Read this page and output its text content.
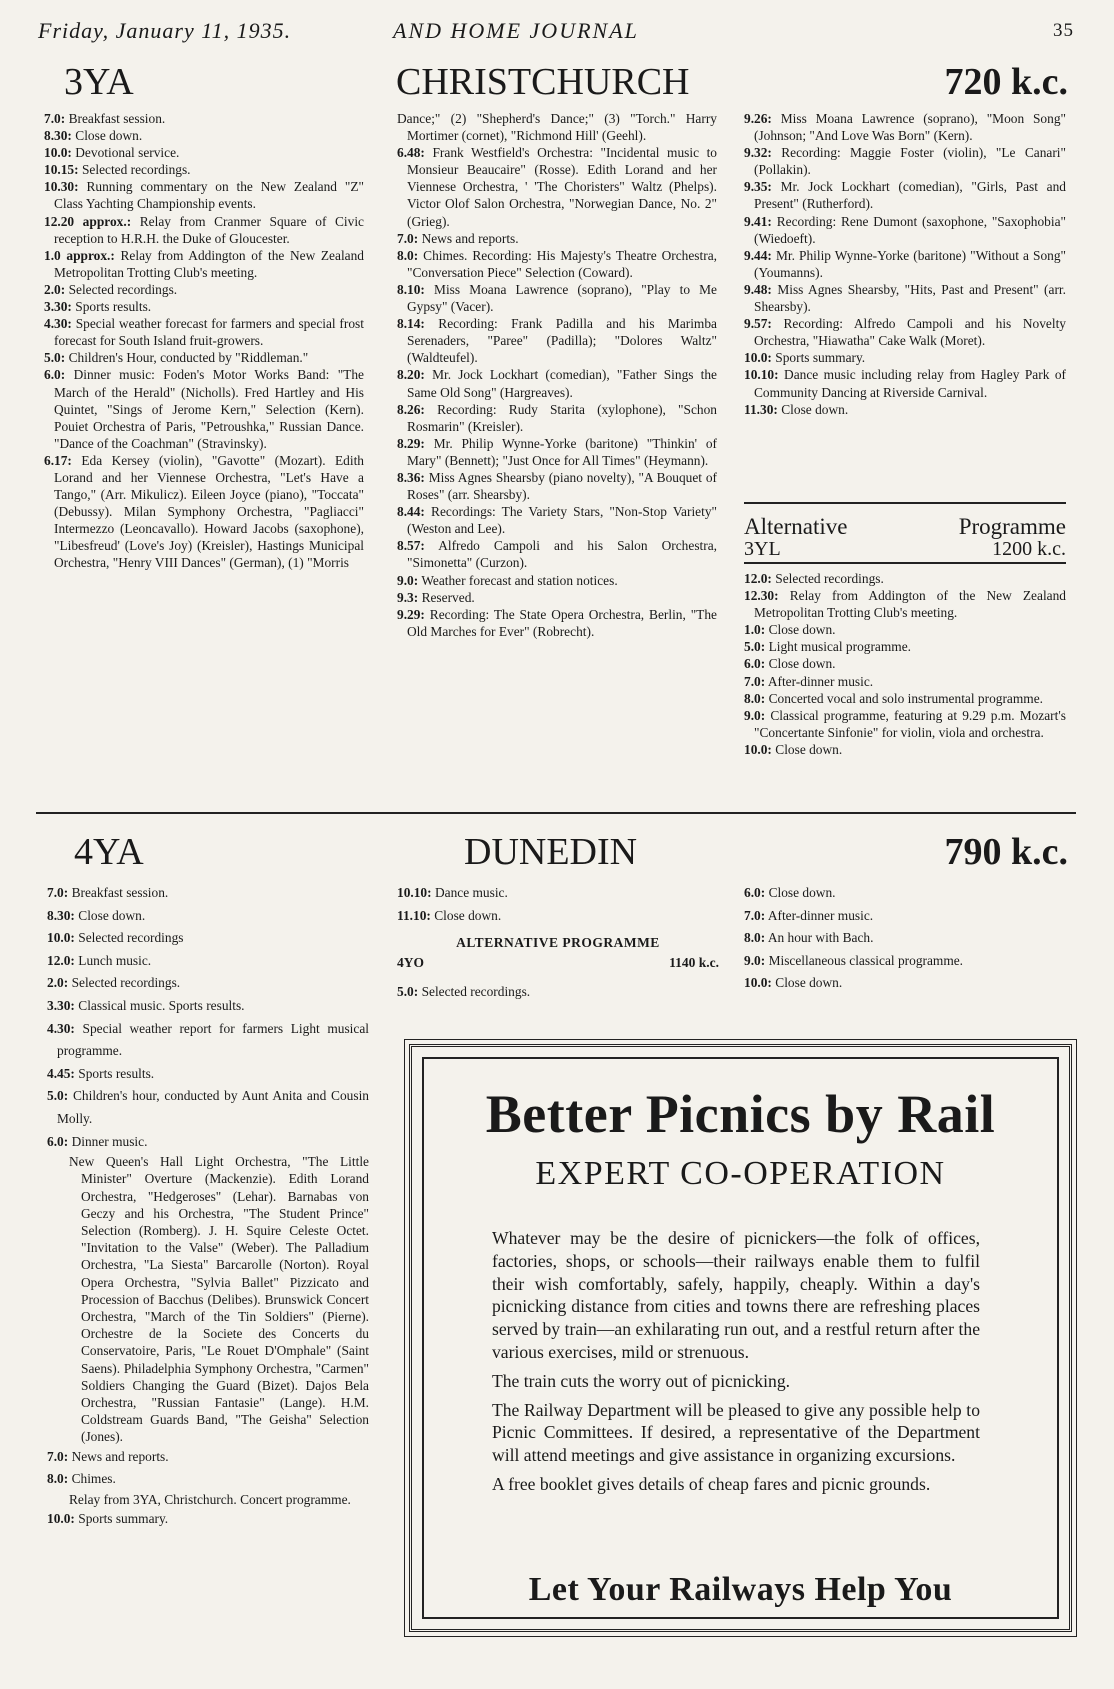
Friday, January 11, 1935.	AND HOME JOURNAL	35
3YA	CHRISTCHURCH	720 k.c.

7.0: Breakfast session.

8.30: Close down.

10.0: Devotional service.

10.15: Selected recordings.

10.30: Running commentary on the New Zealand "Z" Class Yachting Championship events.

12.20 approx.: Relay from Cranmer Square of Civic reception to H.R.H. the Duke of Gloucester.

1.0 approx.: Relay from Addington of the New Zealand Metropolitan Trotting Club's meeting.

2.0: Selected recordings.

3.30: Sports results.

4.30: Special weather forecast for farmers and special frost forecast for South Island fruit-growers.

5.0: Children's Hour, conducted by "Riddleman."

6.0: Dinner music: Foden's Motor Works Band: "The March of the Herald" (Nicholls). Fred Hartley and His Quintet, "Sings of Jerome Kern," Selection (Kern). Pouiet Orchestra of Paris, "Petroushka," Russian Dance. "Dance of the Coachman" (Stravinsky).

6.17: Eda Kersey (violin), "Gavotte" (Mozart). Edith Lorand and her Viennese Orchestra, "Let's Have a Tango," (Arr. Mikulicz). Eileen Joyce (piano), "Toccata" (Debussy). Milan Symphony Orchestra, "Pagliacci" Intermezzo (Leoncavallo). Howard Jacobs (saxophone), "Libesfreud' (Love's Joy) (Kreisler), Hastings Municipal Orchestra, "Henry VIII Dances" (German), (1) "Morris

Dance;" (2) "Shepherd's Dance;" (3) "Torch." Harry Mortimer (cornet), "Richmond Hill' (Geehl).

6.48: Frank Westfield's Orchestra: "Incidental music to Monsieur Beaucaire" (Rosse). Edith Lorand and her Viennese Orchestra, ' 'The Choristers" Waltz (Phelps). Victor Olof Salon Orchestra, "Norwegian Dance, No. 2" (Grieg).

7.0: News and reports.

8.0: Chimes. Recording: His Majesty's Theatre Orchestra, "Conversation Piece" Selection (Coward).

8.10: Miss Moana Lawrence (soprano), "Play to Me Gypsy" (Vacer).

8.14: Recording: Frank Padilla and his Marimba Serenaders, "Paree" (Padilla); "Dolores Waltz" (Waldteufel).

8.20: Mr. Jock Lockhart (comedian), "Father Sings the Same Old Song" (Hargreaves).

8.26: Recording: Rudy Starita (xylophone), "Schon Rosmarin" (Kreisler).

8.29: Mr. Philip Wynne-Yorke (baritone) "Thinkin' of Mary" (Bennett); "Just Once for All Times" (Heymann).

8.36: Miss Agnes Shearsby (piano novelty), "A Bouquet of Roses" (arr. Shearsby).

8.44: Recordings: The Variety Stars, "Non-Stop Variety" (Weston and Lee).

8.57: Alfredo Campoli and his Salon Orchestra, "Simonetta" (Curzon).

9.0: Weather forecast and station notices.

9.3: Reserved.

9.29: Recording: The State Opera Orchestra, Berlin, "The Old Marches for Ever" (Robrecht).

9.26: Miss Moana Lawrence (soprano), "Moon Song" (Johnson; "And Love Was Born" (Kern).

9.32: Recording: Maggie Foster (violin), "Le Canari" (Pollakin).

9.35: Mr. Jock Lockhart (comedian), "Girls, Past and Present" (Rutherford).

9.41: Recording: Rene Dumont (saxophone, "Saxophobia" (Wiedoeft).

9.44: Mr. Philip Wynne-Yorke (baritone) "Without a Song" (Youmanns).

9.48: Miss Agnes Shearsby, "Hits, Past and Present" (arr. Shearsby).

9.57: Recording: Alfredo Campoli and his Novelty Orchestra, "Hiawatha" Cake Walk (Moret).

10.0: Sports summary.

10.10: Dance music including relay from Hagley Park of Community Dancing at Riverside Carnival.

11.30: Close down.

Alternative	Programme
3YL	1200 k.c.

12.0: Selected recordings.

12.30: Relay from Addington of the New Zealand Metropolitan Trotting Club's meeting.

1.0: Close down.

5.0: Light musical programme.

6.0: Close down.

7.0: After-dinner music.

8.0: Concerted vocal and solo instrumental programme.

9.0: Classical programme, featuring at 9.29 p.m. Mozart's "Concertante Sinfonie" for violin, viola and orchestra.

10.0: Close down.

4YA	DUNEDIN	790 k.c.

7.0: Breakfast session.

8.30: Close down.

10.0: Selected recordings

12.0: Lunch music.

2.0: Selected recordings.

3.30: Classical music. Sports results.

4.30: Special weather report for farmers Light musical programme.

4.45: Sports results.

5.0: Children's hour, conducted by Aunt Anita and Cousin Molly.

6.0: Dinner music.

New Queen's Hall Light Orchestra, "The Little Minister" Overture (Mackenzie). Edith Lorand Orchestra, "Hedgeroses" (Lehar). Barnabas von Geczy and his Orchestra, "The Student Prince" Selection (Romberg). J. H. Squire Celeste Octet. "Invitation to the Valse" (Weber). The Palladium Orchestra, "La Siesta" Barcarolle (Norton). Royal Opera Orchestra, "Sylvia Ballet" Pizzicato and Procession of Bacchus (Delibes). Brunswick Concert Orchestra, "March of the Tin Soldiers" (Pierne). Orchestre de la Societe des Concerts du Conservatoire, Paris, "Le Rouet D'Omphale" (Saint Saens). Philadelphia Symphony Orchestra, "Carmen" Soldiers Changing the Guard (Bizet). Dajos Bela Orchestra, "Russian Fantasie" (Lange). H.M. Coldstream Guards Band, "The Geisha" Selection (Jones).

7.0: News and reports.

8.0: Chimes.

Relay from 3YA, Christchurch. Concert programme.

10.0: Sports summary.

10.10: Dance music.

11.10: Close down.

6.0: Close down.

7.0: After-dinner music.

8.0: An hour with Bach.

9.0: Miscellaneous classical programme.

10.0: Close down.

ALTERNATIVE PROGRAMME
4YO	1140 k.c.

5.0: Selected recordings.

Better Picnics by Rail
EXPERT CO-OPERATION

Whatever may be the desire of picnickers—the folk of offices, factories, shops, or schools—their railways enable them to fulfil their wish comfortably, safely, happily, cheaply. Within a day's picnicking distance from cities and towns there are refreshing places served by train—an exhilarating run out, and a restful return after the various exercises, mild or strenuous.

The train cuts the worry out of picnicking.

The Railway Department will be pleased to give any possible help to Picnic Committees. If desired, a representative of the Department will attend meetings and give assistance in organizing excursions.

A free booklet gives details of cheap fares and picnic grounds.

Let Your Railways Help You
